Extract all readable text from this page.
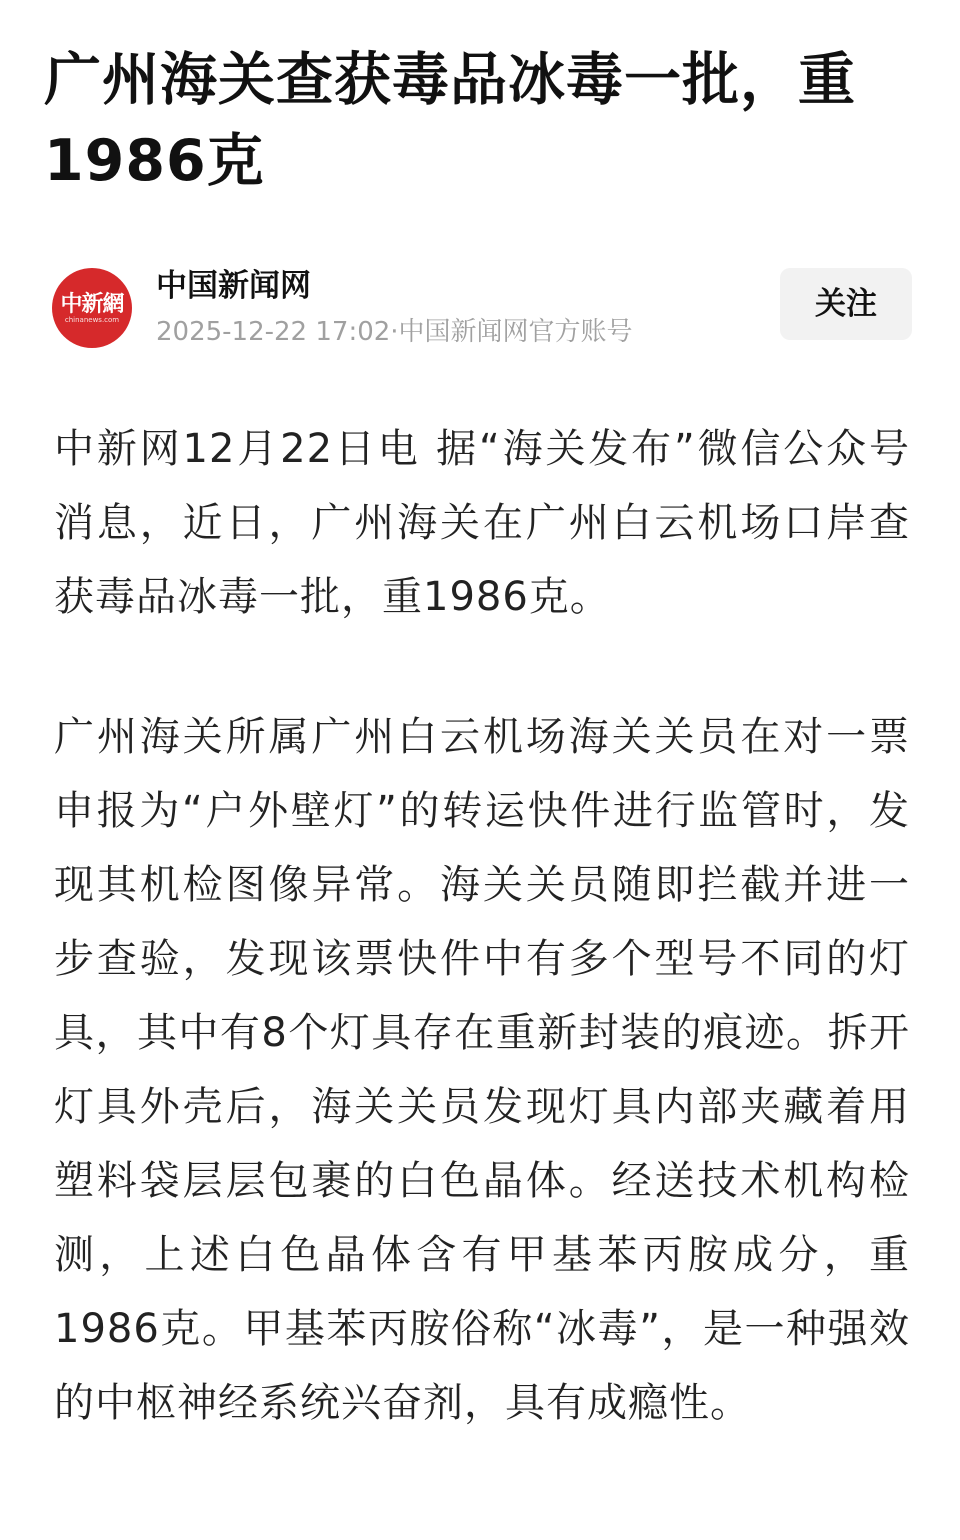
广州海关查获毒品冰毒一批，重1986克
中新網
chinanews.com
中国新闻网
2025-12-22 17:02·中国新闻网官方账号
关注

中新网12月22日电 据“海关发布”微信公众号消息，近日，广州海关在广州白云机场口岸查获毒品冰毒一批，重1986克。

广州海关所属广州白云机场海关关员在对一票申报为“户外壁灯”的转运快件进行监管时，发现其机检图像异常。海关关员随即拦截并进一步查验，发现该票快件中有多个型号不同的灯具，其中有8个灯具存在重新封装的痕迹。拆开灯具外壳后，海关关员发现灯具内部夹藏着用塑料袋层层包裹的白色晶体。经送技术机构检测，上述白色晶体含有甲基苯丙胺成分，重1986克。甲基苯丙胺俗称“冰毒”，是一种强效的中枢神经系统兴奋剂，具有成瘾性。
